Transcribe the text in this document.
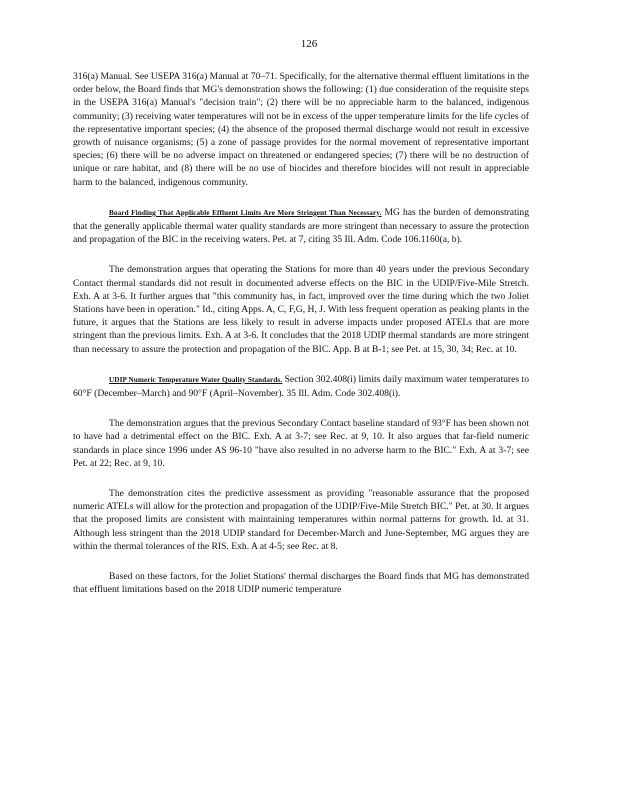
126

316(a) Manual. See USEPA 316(a) Manual at 70–71. Specifically, for the alternative thermal effluent limitations in the order below, the Board finds that MG's demonstration shows the following: (1) due consideration of the requisite steps in the USEPA 316(a) Manual's "decision train"; (2) there will be no appreciable harm to the balanced, indigenous community; (3) receiving water temperatures will not be in excess of the upper temperature limits for the life cycles of the representative important species; (4) the absence of the proposed thermal discharge would not result in excessive growth of nuisance organisms; (5) a zone of passage provides for the normal movement of representative important species; (6) there will be no adverse impact on threatened or endangered species; (7) there will be no destruction of unique or rare habitat, and (8) there will be no use of biocides and therefore biocides will not result in appreciable harm to the balanced, indigenous community.

Board Finding That Applicable Effluent Limits Are More Stringent Than Necessary. MG has the burden of demonstrating that the generally applicable thermal water quality standards are more stringent than necessary to assure the protection and propagation of the BIC in the receiving waters. Pet. at 7, citing 35 Ill. Adm. Code 106.1160(a, b).

The demonstration argues that operating the Stations for more than 40 years under the previous Secondary Contact thermal standards did not result in documented adverse effects on the BIC in the UDIP/Five-Mile Stretch. Exh. A at 3-6. It further argues that "this community has, in fact, improved over the time during which the two Joliet Stations have been in operation." Id., citing Apps. A, C, F,G, H, J. With less frequent operation as peaking plants in the future, it argues that the Stations are less likely to result in adverse impacts under proposed ATELs that are more stringent than the previous limits. Exh. A at 3-6. It concludes that the 2018 UDIP thermal standards are more stringent than necessary to assure the protection and propagation of the BIC. App. B at B-1; see Pet. at 15, 30, 34; Rec. at 10.

UDIP Numeric Temperature Water Quality Standards. Section 302.408(i) limits daily maximum water temperatures to 60°F (December–March) and 90°F (April–November). 35 Ill. Adm. Code 302.408(i).

The demonstration argues that the previous Secondary Contact baseline standard of 93°F has been shown not to have had a detrimental effect on the BIC. Exh. A at 3-7; see Rec. at 9, 10. It also argues that far-field numeric standards in place since 1996 under AS 96-10 "have also resulted in no adverse harm to the BIC." Exh. A at 3-7; see Pet. at 22; Rec. at 9, 10.

The demonstration cites the predictive assessment as providing "reasonable assurance that the proposed numeric ATELs will allow for the protection and propagation of the UDIP/Five-Mile Stretch BIC." Pet. at 30. It argues that the proposed limits are consistent with maintaining temperatures within normal patterns for growth. Id. at 31. Although less stringent than the 2018 UDIP standard for December-March and June-September, MG argues they are within the thermal tolerances of the RIS. Exh. A at 4-5; see Rec. at 8.

Based on these factors, for the Joliet Stations' thermal discharges the Board finds that MG has demonstrated that effluent limitations based on the 2018 UDIP numeric temperature
